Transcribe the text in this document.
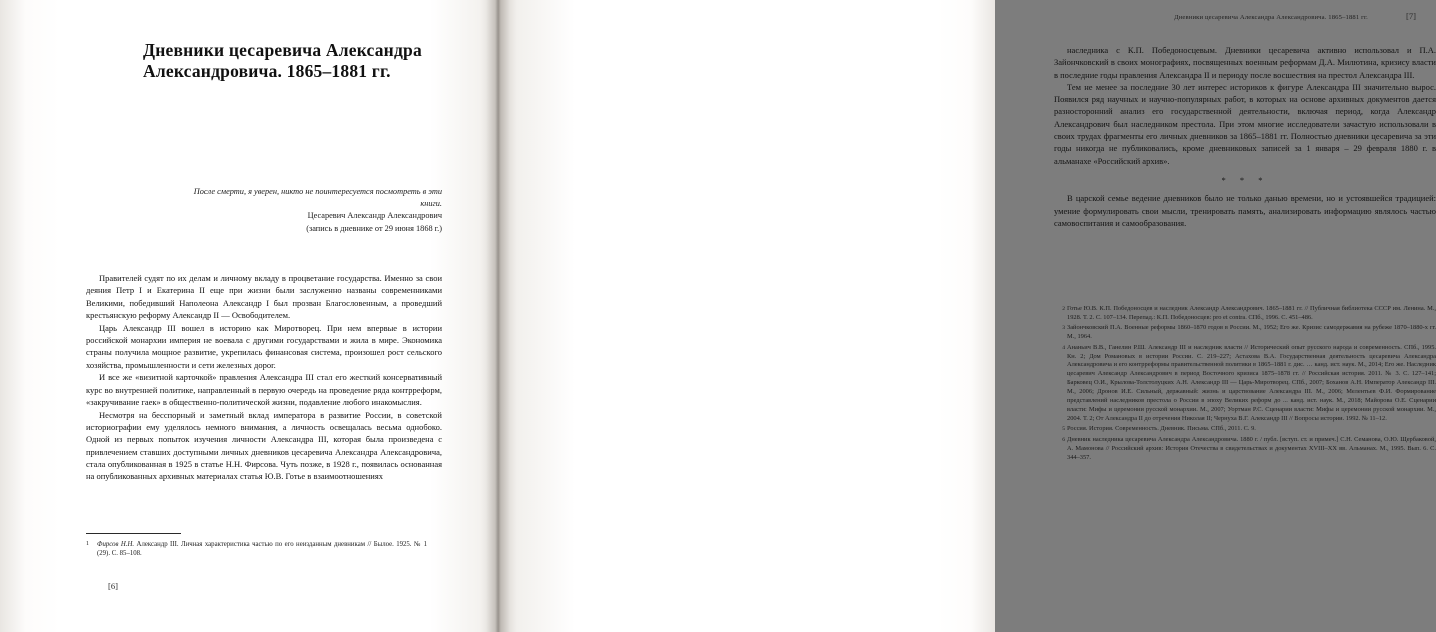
Дневники цесаревича Александра Александровича. 1865–1881 гг.
После смерти, я уверен, никто не поинтересуется посмотреть в эти книги.
Цесаревич Александр Александрович
(запись в дневнике от 29 июня 1868 г.)

Правителей судят по их делам и личному вкладу в процветание государства. Именно за свои деяния Петр I и Екатерина II еще при жизни были заслуженно названы современниками Великими, победивший Наполеона Александр I был прозван Благословенным, а проведший крестьянскую реформу Александр II — Освободителем.

Царь Александр III вошел в историю как Миротворец. При нем впервые в истории российской монархии империя не воевала с другими государствами и жила в мире. Экономика страны получила мощное развитие, укрепилась финансовая система, произошел рост сельского хозяйства, промышленности и сети железных дорог.

И все же «визитной карточкой» правления Александра III стал его жесткий консервативный курс во внутренней политике, направленный в первую очередь на проведение ряда контрреформ, «закручивание гаек» в общественно-политической жизни, подавление любого инакомыслия.

Несмотря на бесспорный и заметный вклад императора в развитие России, в советской историографии ему уделялось немного внимания, а личность освещалась весьма однобоко. Одной из первых попыток изучения личности Александра III, которая была произведена с привлечением ставших доступными личных дневников цесаревича Александра Александровича, стала опубликованная в 1925 в статье Н.Н. Фирсова. Чуть позже, в 1928 г., появилась основанная на опубликованных архивных материалах статья Ю.В. Готье в взаимоотношениях

1 Фирсов Н.Н. Александр III. Личная характеристика частью по его неизданным дневникам // Былое. 1925. № 1 (29). С. 85–108.
[6]
Дневники цесаревича Александра Александровича. 1865–1881 гг.	[7]

наследника с К.П. Победоносцевым. Дневники цесаревича активно использовал и П.А. Зайончковский в своих монографиях, посвященных военным реформам Д.А. Милютина, кризису власти в последние годы правления Александра II и периоду после восшествия на престол Александра III.

Тем не менее за последние 30 лет интерес историков к фигуре Александра III значительно вырос. Появился ряд научных и научно-популярных работ, в которых на основе архивных документов дается разносторонний анализ его государственной деятельности, включая период, когда Александр Александрович был наследником престола. При этом многие исследователи зачастую использовали в своих трудах фрагменты его личных дневников за 1865–1881 гг. Полностью дневники цесаревича за эти годы никогда не публиковались, кроме дневниковых записей за 1 января – 29 февраля 1880 г. в альманахе «Российский архив».

* * *

В царской семье ведение дневников было не только данью времени, но и устоявшейся традицией: умение формулировать свои мысли, тренировать память, анализировать информацию являлось частью самовоспитания и самообразования.

2 Готье Ю.В. К.П. Победоносцев и наследник Александр Александрович. 1865–1881 гг. // Публичная библиотека СССР им. Ленина. М., 1928. Т. 2. С. 107–134. Перепад.: К.П. Победоносцев: pro et contra. СПб., 1996. С. 451–486.
3 Зайончковский П.А. Военные реформы 1860–1870 годов в России. М., 1952; Его же. Кризис самодержавия на рубеже 1870–1880-х гг. М., 1964.
4 Ананьич В.В., Ганелин Р.Ш. Александр III и наследник власти // Исторический опыт русского народа и современность. СПб., 1995. Кн. 2; Дом Романовых в истории России. С. 219–227; Астахова В.А. Государственная деятельность цесаревича Александра Александровича и его контрреформы правительственной политики в 1865–1881 г. дис. … канд. ист. наук. М., 2014; Его же. Наследник цесаревич Александр Александрович в период Восточного кризиса 1875–1878 гг. // Российская история. 2011. № 3. С. 127–141; Барковец О.И., Крылова-Толстолуцких А.Н. Александр III — Царь-Миротворец. СПб., 2007; Боханов А.Н. Император Александр III. М., 2006; Дронов И.Е. Сильный, державный: жизнь и царствование Александра III. М., 2006; Мелентьев Ф.И. Формирование представлений наследников престола о России в эпоху Великих реформ до ... канд. ист. наук. М., 2018; Майорова О.Е. Сценарии власти: Мифы и церемонии русской монархии. М., 2007; Уортман Р.С. Сценарии власти: Мифы и церемонии русской монархии. М., 2004. Т. 2; От Александра II до отречения Николая II; Чернуха В.Г. Александр III // Вопросы истории. 1992. № 11–12.
5 Россия. История. Современность. Дневник. Письма. СПб., 2011. С. 9.
6 Дневник наследника цесаревича Александра Александровича. 1880 г. / публ. [вступ. ст. и примеч.] С.Н. Семанова, О.Ю. Щербаковой, А. Мамонова // Российский архив: История Отечества в свидетельствах и документах XVIII–XX вв. Альманах. М., 1995. Вып. 6. С. 344–357.
